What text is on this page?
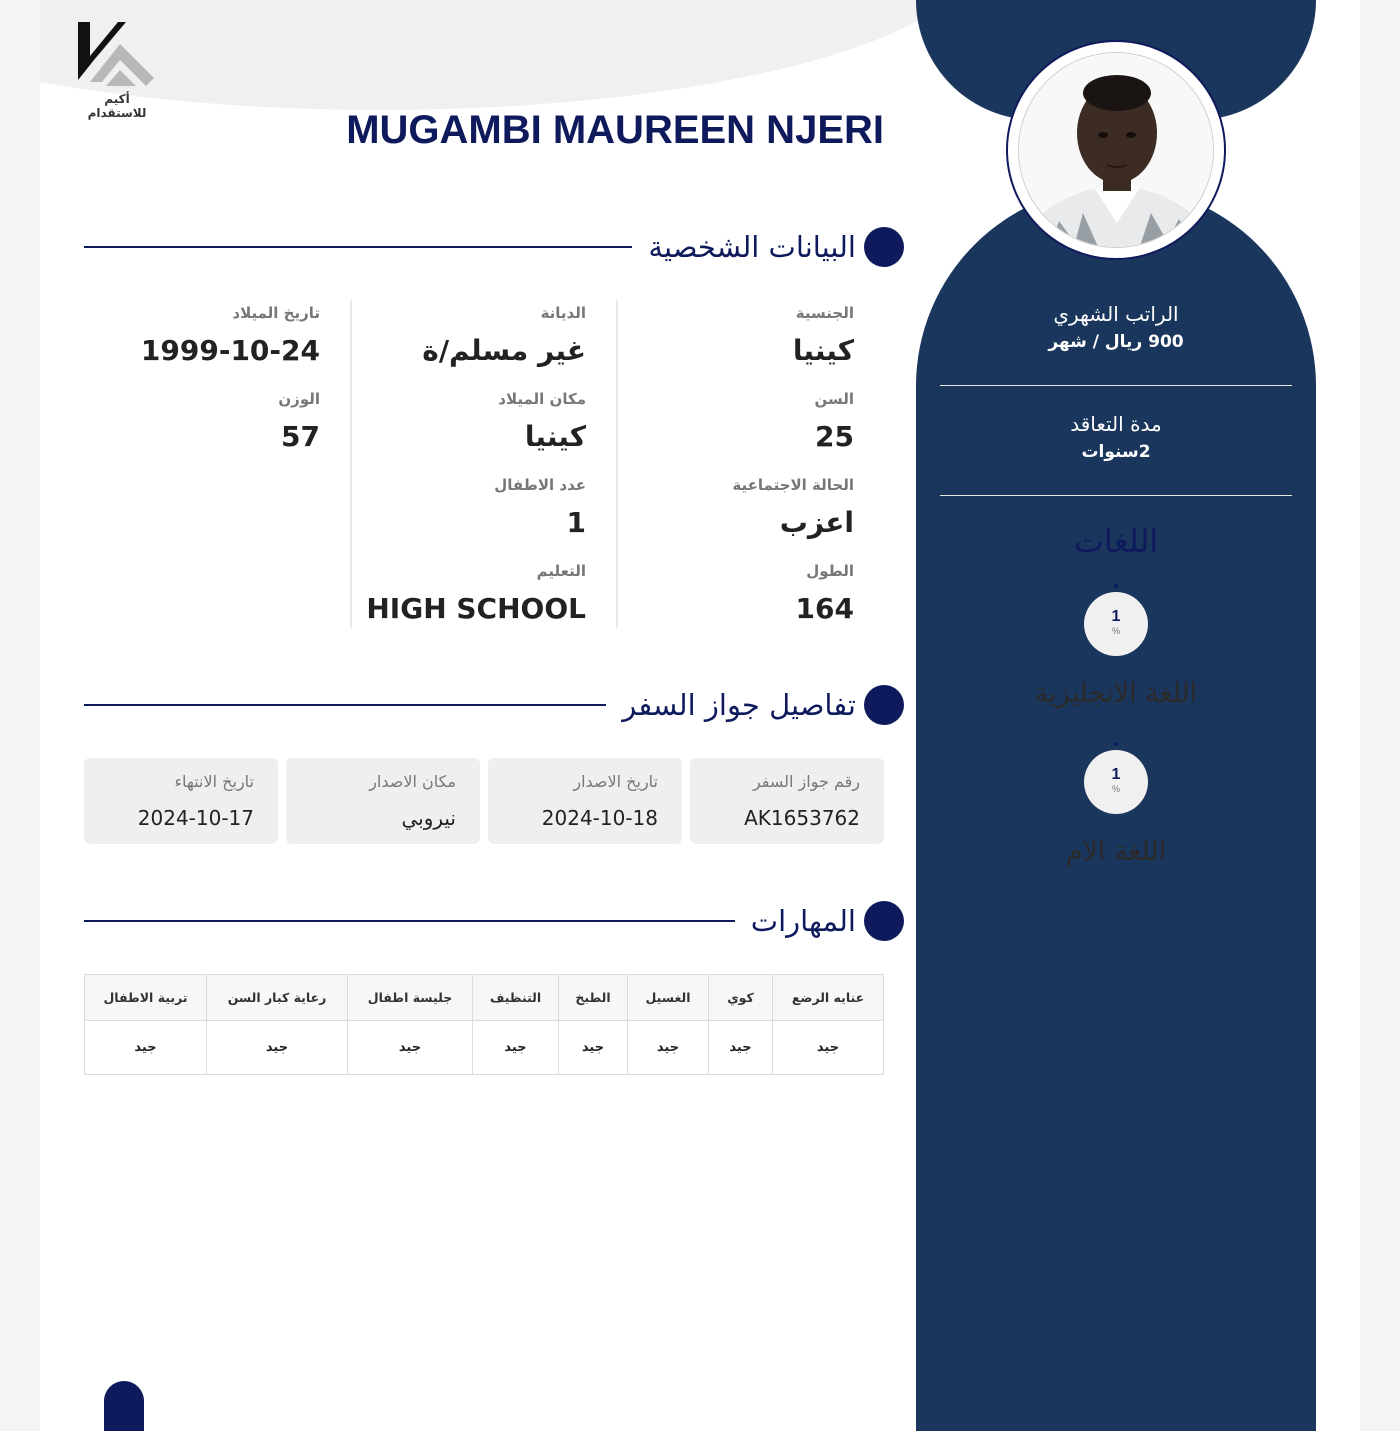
أكيم للاستقدام	MUGAMBI MAUREEN NJERI
البيانات الشخصية
الجنسية
كينيا
السن
25
الحالة الاجتماعية
اعزب
الطول
164
الديانة
غير مسلم/ة
مكان الميلاد
كينيا
عدد الاطفال
1
التعليم
HIGH SCHOOL
تاريخ الميلاد
1999-10-24
الوزن
57
تفاصيل جواز السفر
رقم جواز السفر
AK1653762
تاريخ الاصدار
2024-10-18
مكان الاصدار
نيروبي
تاريخ الانتهاء
2024-10-17
المهارات
عنايه الرضع	كوي	الغسيل	الطبخ	التنظيف	جليسة اطفال	رعاية كبار السن	تربية الاطفال
جيد	جيد	جيد	جيد	جيد	جيد	جيد	جيد
الراتب الشهري
900 ريال / شهر
مدة التعاقد
2سنوات
اللغات
1
%
اللغة الانجليزية
1
%
اللغة الام
